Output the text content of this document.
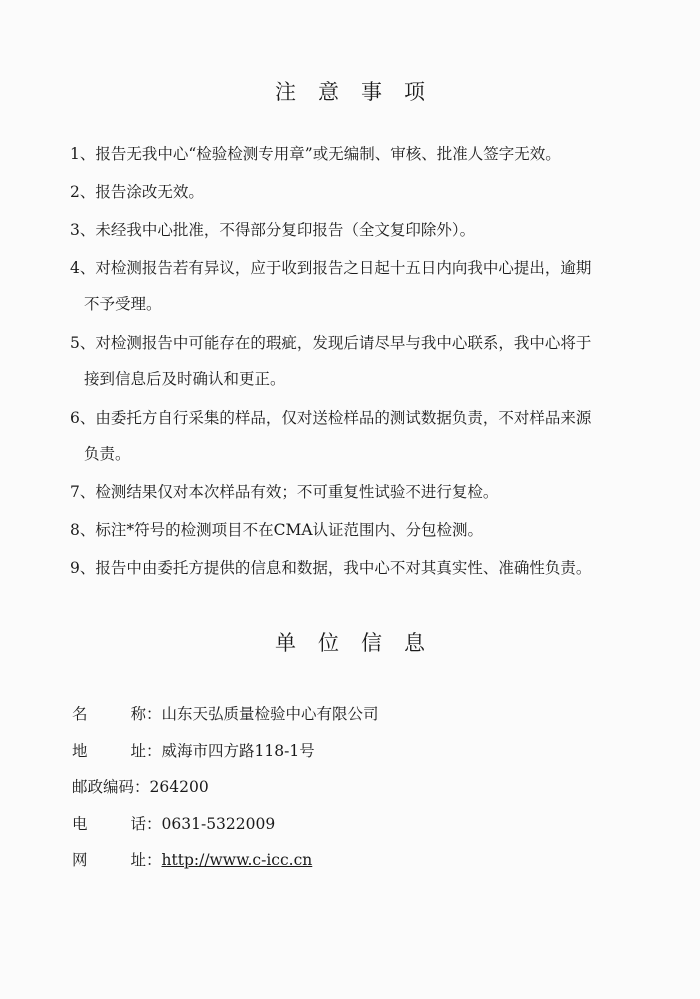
注意事项
1、报告无我中心“检验检测专用章”或无编制、审核、批准人签字无效。
2、报告涂改无效。
3、未经我中心批准，不得部分复印报告（全文复印除外）。
4、对检测报告若有异议，应于收到报告之日起十五日内向我中心提出，逾期
不予受理。
5、对检测报告中可能存在的瑕疵，发现后请尽早与我中心联系，我中心将于
接到信息后及时确认和更正。
6、由委托方自行采集的样品，仅对送检样品的测试数据负责，不对样品来源
负责。
7、检测结果仅对本次样品有效；不可重复性试验不进行复检。
8、标注*符号的检测项目不在CMA认证范围内、分包检测。
9、报告中由委托方提供的信息和数据，我中心不对其真实性、准确性负责。
单位信息
名	称 ：山东天弘质量检验中心有限公司
地	址 ：威海市四方路118-1号
邮政编码：264200
电	话 ：0631-5322009
网	址 ：http://www.c-icc.cn
